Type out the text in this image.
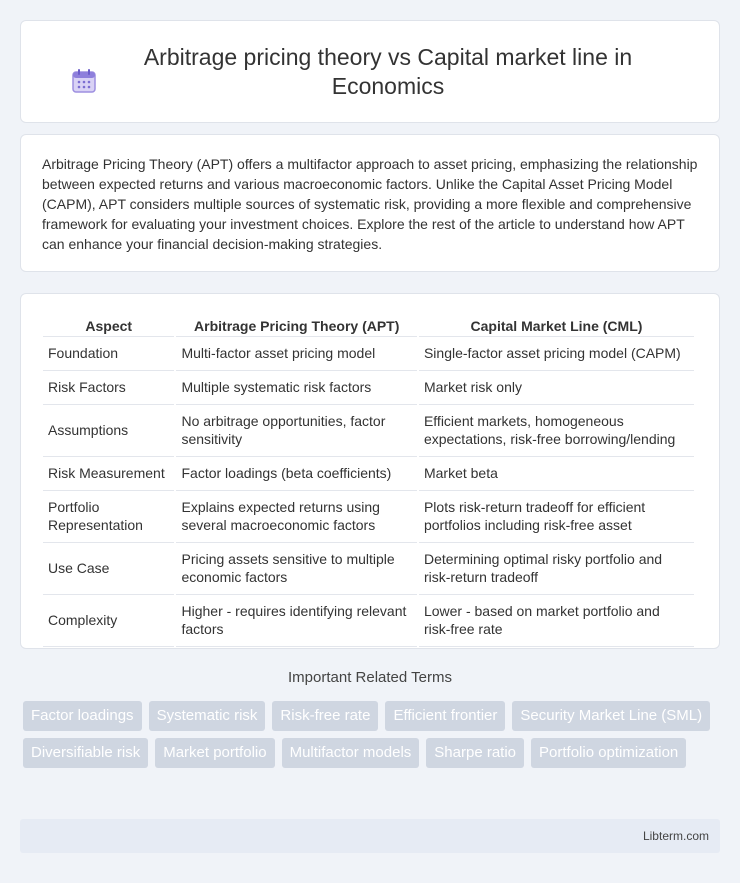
Arbitrage pricing theory vs Capital market line in Economics

Arbitrage Pricing Theory (APT) offers a multifactor approach to asset pricing, emphasizing the relationship between expected returns and various macroeconomic factors. Unlike the Capital Asset Pricing Model (CAPM), APT considers multiple sources of systematic risk, providing a more flexible and comprehensive framework for evaluating your investment choices. Explore the rest of the article to understand how APT can enhance your financial decision-making strategies.

Aspect	Arbitrage Pricing Theory (APT)	Capital Market Line (CML)
Foundation	Multi-factor asset pricing model	Single-factor asset pricing model (CAPM)
Risk Factors	Multiple systematic risk factors	Market risk only
Assumptions	No arbitrage opportunities, factor sensitivity	Efficient markets, homogeneous expectations, risk-free borrowing/lending
Risk Measurement	Factor loadings (beta coefficients)	Market beta
Portfolio Representation	Explains expected returns using several macroeconomic factors	Plots risk-return tradeoff for efficient portfolios including risk-free asset
Use Case	Pricing assets sensitive to multiple economic factors	Determining optimal risky portfolio and risk-return tradeoff
Complexity	Higher - requires identifying relevant factors	Lower - based on market portfolio and risk-free rate
Important Related Terms
Factor loadings	Systematic risk	Risk-free rate	Efficient frontier	Security Market Line (SML)
Diversifiable risk	Market portfolio	Multifactor models	Sharpe ratio	Portfolio optimization
Libterm.com
